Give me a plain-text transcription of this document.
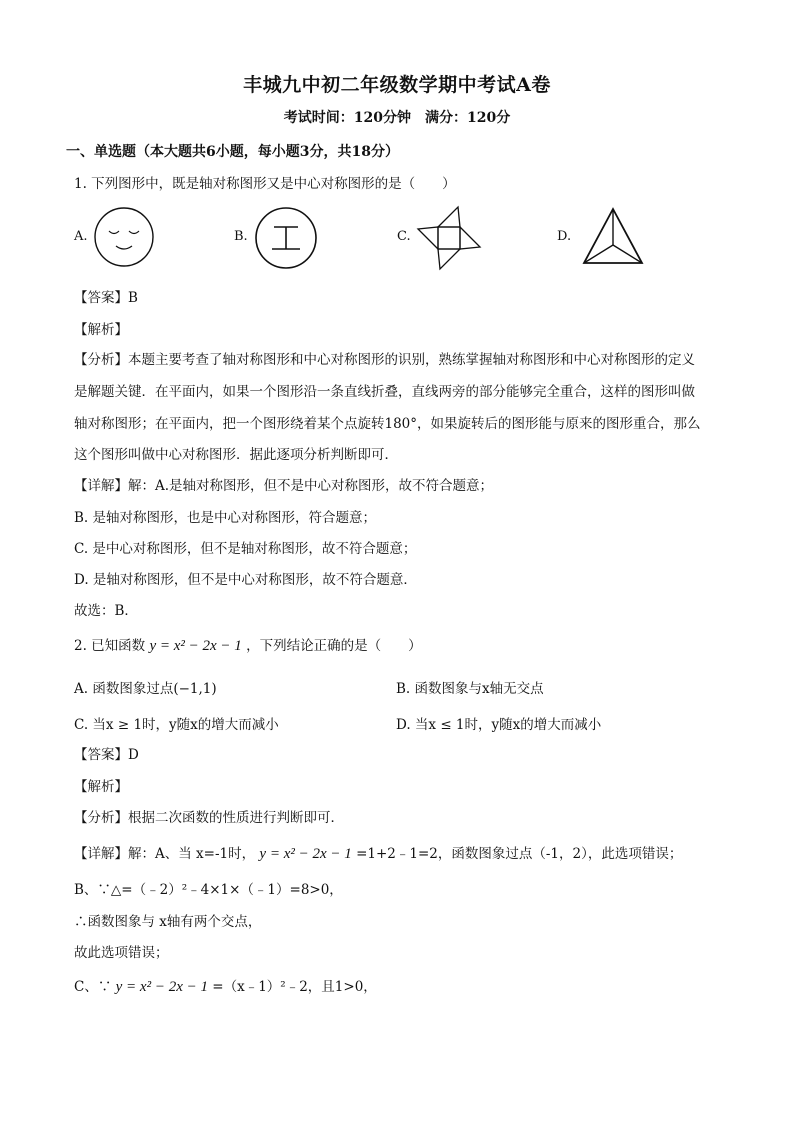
丰城九中初二年级数学期中考试A卷
考试时间：120分钟　满分：120分
一、单选题（本大题共6小题，每小题3分，共18分）
1. 下列图形中，既是轴对称图形又是中心对称图形的是（　　）
A.	B.	C.	D.
【答案】B
【解析】
【分析】本题主要考查了轴对称图形和中心对称图形的识别，熟练掌握轴对称图形和中心对称图形的定义
是解题关键．在平面内，如果一个图形沿一条直线折叠，直线两旁的部分能够完全重合，这样的图形叫做
轴对称图形；在平面内，把一个图形绕着某个点旋转180°，如果旋转后的图形能与原来的图形重合，那么
这个图形叫做中心对称图形．据此逐项分析判断即可．
【详解】解：A.是轴对称图形，但不是中心对称图形，故不符合题意；
B. 是轴对称图形，也是中心对称图形，符合题意；
C. 是中心对称图形，但不是轴对称图形，故不符合题意；
D. 是轴对称图形，但不是中心对称图形，故不符合题意．
故选：B．
2. 已知函数 y = x² − 2x − 1 ，下列结论正确的是（　　）
A. 函数图象过点(−1,1)	B. 函数图象与x轴无交点
C. 当x ≥ 1时，y随x的增大而减小	D. 当x ≤ 1时，y随x的增大而减小
【答案】D
【解析】
【分析】根据二次函数的性质进行判断即可．
【详解】解：A、当 x=-1时， y = x² − 2x − 1 =1+2﹣1=2，函数图象过点（-1，2），此选项错误；
B、∵△=（﹣2）²﹣4×1×（﹣1）=8>0，
∴函数图象与 x轴有两个交点，
故此选项错误；
C、∵ y = x² − 2x − 1 =（x﹣1）²﹣2，且1>0，
